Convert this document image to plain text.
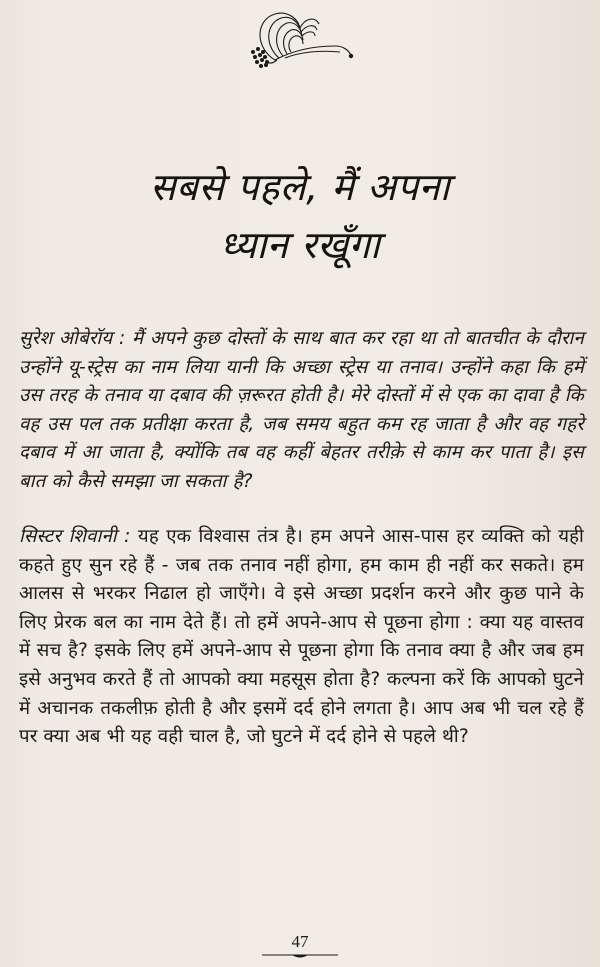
सबसे पहले, मैं अपना
ध्यान रखूँगा
सुरेश ओबेरॉय : मैं अपने कुछ दोस्तों के साथ बात कर रहा था तो बातचीत के दौरान उन्होंने यू-स्ट्रेस का नाम लिया यानी कि अच्छा स्ट्रेस या तनाव। उन्होंने कहा कि हमें उस तरह के तनाव या दबाव की ज़रूरत होती है। मेरे दोस्तों में से एक का दावा है कि वह उस पल तक प्रतीक्षा करता है, जब समय बहुत कम रह जाता है और वह गहरे दबाव में आ जाता है, क्योंकि तब वह कहीं बेहतर तरीक़े से काम कर पाता है। इस बात को कैसे समझा जा सकता है?
सिस्टर शिवानी : यह एक विश्वास तंत्र है। हम अपने आस-पास हर व्यक्ति को यही कहते हुए सुन रहे हैं - जब तक तनाव नहीं होगा, हम काम ही नहीं कर सकते। हम आलस से भरकर निढाल हो जाएँगे। वे इसे अच्छा प्रदर्शन करने और कुछ पाने के लिए प्रेरक बल का नाम देते हैं। तो हमें अपने-आप से पूछना होगा : क्या यह वास्तव में सच है? इसके लिए हमें अपने-आप से पूछना होगा कि तनाव क्या है और जब हम इसे अनुभव करते हैं तो आपको क्या महसूस होता है? कल्पना करें कि आपको घुटने में अचानक तकलीफ़ होती है और इसमें दर्द होने लगता है। आप अब भी चल रहे हैं पर क्या अब भी यह वही चाल है, जो घुटने में दर्द होने से पहले थी?
47
